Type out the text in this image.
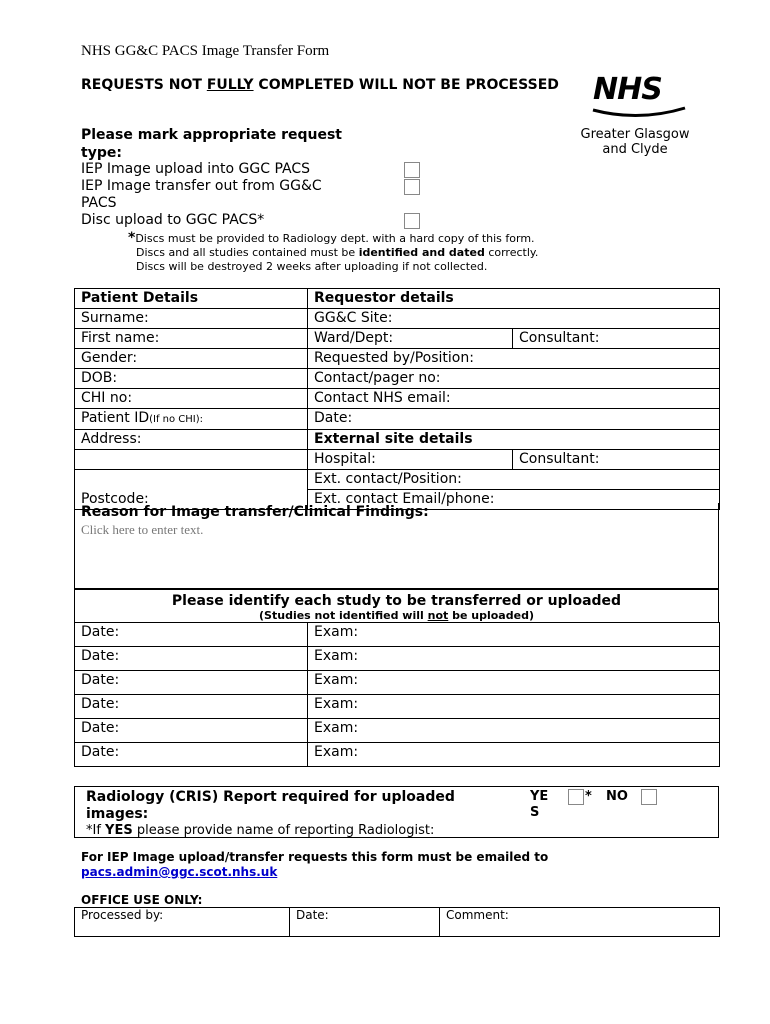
NHS GG&C PACS Image Transfer Form
REQUESTS NOT FULLY COMPLETED WILL NOT BE PROCESSED NHS
Greater Glasgow
and Clyde
Please mark appropriate request
type:
IEP Image upload into GGC PACS
IEP Image transfer out from GG&C
PACS
Disc upload to GGC PACS*
*Discs must be provided to Radiology dept. with a hard copy of this form.
Discs and all studies contained must be identified and dated correctly.
Discs will be destroyed 2 weeks after uploading if not collected.
Patient Details	Requestor details	
Surname:	GG&C Site:	
First name:	Ward/Dept:	Consultant:
Gender:	Requested by/Position:	
DOB:	Contact/pager no:	
CHI no:	Contact NHS email:	
Patient ID(If no CHI):	Date:	
Address:	External site details	
	Hospital:	Consultant:
	Ext. contact/Position:	
Postcode:	Ext. contact Email/phone:	
Reason for Image transfer/Clinical Findings:
Click here to enter text.
Please identify each study to be transferred or uploaded
(Studies not identified will not be uploaded)
Date:	Exam:
Date:	Exam:
Date:	Exam:
Date:	Exam:
Date:	Exam:
Date:	Exam:
Radiology (CRIS) Report required for uploaded
images:
YE
S
* NO
*If YES please provide name of reporting Radiologist:
For IEP Image upload/transfer requests this form must be emailed to
pacs.admin@ggc.scot.nhs.uk
OFFICE USE ONLY:
Processed by:	Date:	Comment:
